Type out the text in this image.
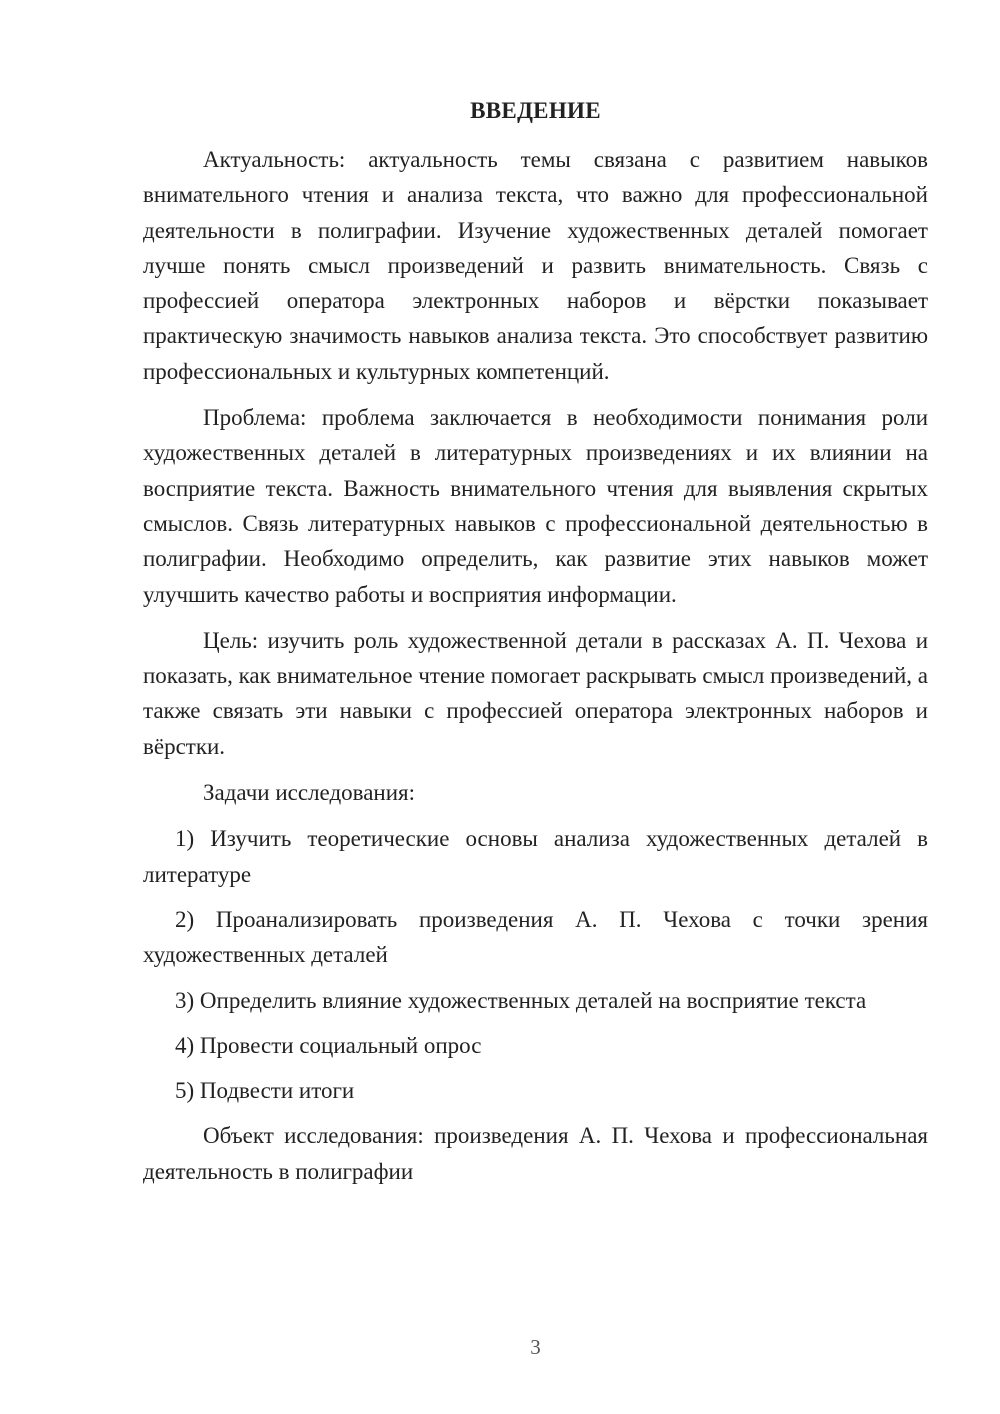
ВВЕДЕНИЕ

Актуальность: актуальность темы связана с развитием навыков внимательного чтения и анализа текста, что важно для профессиональной деятельности в полиграфии. Изучение художественных деталей помогает лучше понять смысл произведений и развить внимательность. Связь с профессией оператора электронных наборов и вёрстки показывает практическую значимость навыков анализа текста. Это способствует развитию профессиональных и культурных компетенций.

Проблема: проблема заключается в необходимости понимания роли художественных деталей в литературных произведениях и их влиянии на восприятие текста. Важность внимательного чтения для выявления скрытых смыслов. Связь литературных навыков с профессиональной деятельностью в полиграфии. Необходимо определить, как развитие этих навыков может улучшить качество работы и восприятия информации.

Цель: изучить роль художественной детали в рассказах А. П. Чехова и показать, как внимательное чтение помогает раскрывать смысл произведений, а также связать эти навыки с профессией оператора электронных наборов и вёрстки.

Задачи исследования:

1) Изучить теоретические основы анализа художественных деталей в литературе

2) Проанализировать произведения А. П. Чехова с точки зрения художественных деталей

3) Определить влияние художественных деталей на восприятие текста

4) Провести социальный опрос

5) Подвести итоги

Объект исследования: произведения А. П. Чехова и профессиональная деятельность в полиграфии

3
